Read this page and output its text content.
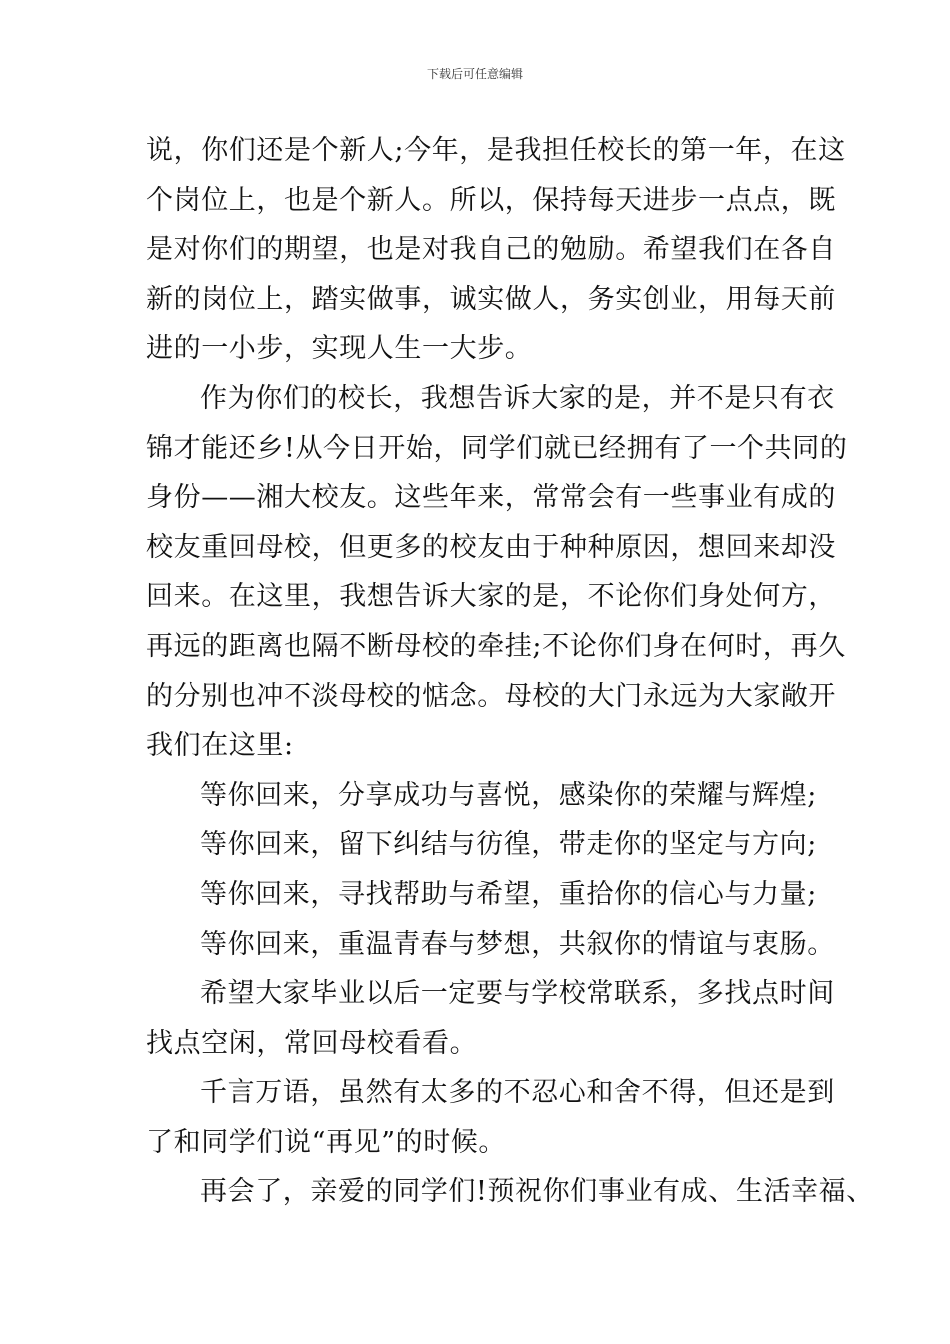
下载后可任意编辑
说，你们还是个新人;今年，是我担任校长的第一年，在这
个岗位上，也是个新人。所以，保持每天进步一点点，既
是对你们的期望，也是对我自己的勉励。希望我们在各自
新的岗位上，踏实做事，诚实做人，务实创业，用每天前
进的一小步，实现人生一大步。
作为你们的校长，我想告诉大家的是，并不是只有衣
锦才能还乡!从今日开始，同学们就已经拥有了一个共同的
身份——湘大校友。这些年来，常常会有一些事业有成的
校友重回母校，但更多的校友由于种种原因，想回来却没
回来。在这里，我想告诉大家的是，不论你们身处何方，
再远的距离也隔不断母校的牵挂;不论你们身在何时，再久
的分别也冲不淡母校的惦念。母校的大门永远为大家敞开
我们在这里:
等你回来，分享成功与喜悦，感染你的荣耀与辉煌;
等你回来，留下纠结与彷徨，带走你的坚定与方向;
等你回来，寻找帮助与希望，重拾你的信心与力量;
等你回来，重温青春与梦想，共叙你的情谊与衷肠。
希望大家毕业以后一定要与学校常联系，多找点时间
找点空闲，常回母校看看。
千言万语，虽然有太多的不忍心和舍不得，但还是到
了和同学们说“再见”的时候。
再会了，亲爱的同学们!预祝你们事业有成、生活幸福、
